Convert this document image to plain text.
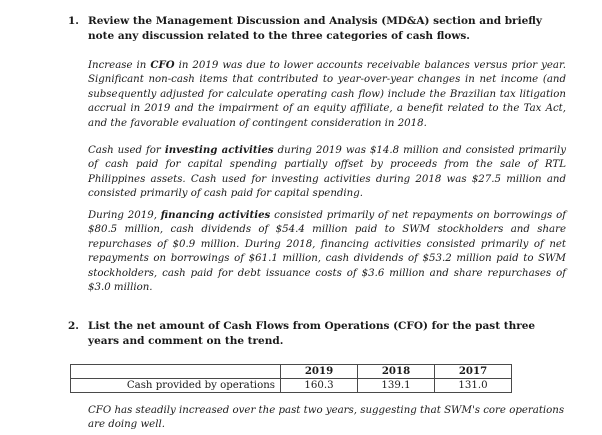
1. Review the Management Discussion and Analysis (MD&A) section and briefly note any discussion related to the three categories of cash flows.

Increase in CFO in 2019 was due to lower accounts receivable balances versus prior year. Significant non-cash items that contributed to year-over-year changes in net income (and subsequently adjusted for calculate operating cash flow) include the Brazilian tax litigation accrual in 2019 and the impairment of an equity affiliate, a benefit related to the Tax Act, and the favorable evaluation of contingent consideration in 2018.

Cash used for investing activities during 2019 was $14.8 million and consisted primarily of cash paid for capital spending partially offset by proceeds from the sale of RTL Philippines assets. Cash used for investing activities during 2018 was $27.5 million and consisted primarily of cash paid for capital spending.

During 2019, financing activities consisted primarily of net repayments on borrowings of $80.5 million, cash dividends of $54.4 million paid to SWM stockholders and share repurchases of $0.9 million. During 2018, financing activities consisted primarily of net repayments on borrowings of $61.1 million, cash dividends of $53.2 million paid to SWM stockholders, cash paid for debt issuance costs of $3.6 million and share repurchases of $3.0 million.

2. List the net amount of Cash Flows from Operations (CFO) for the past three years and comment on the trend.

	2019	2018	2017
Cash provided by operations	160.3	139.1	131.0

CFO has steadily increased over the past two years, suggesting that SWM's core operations are doing well.
